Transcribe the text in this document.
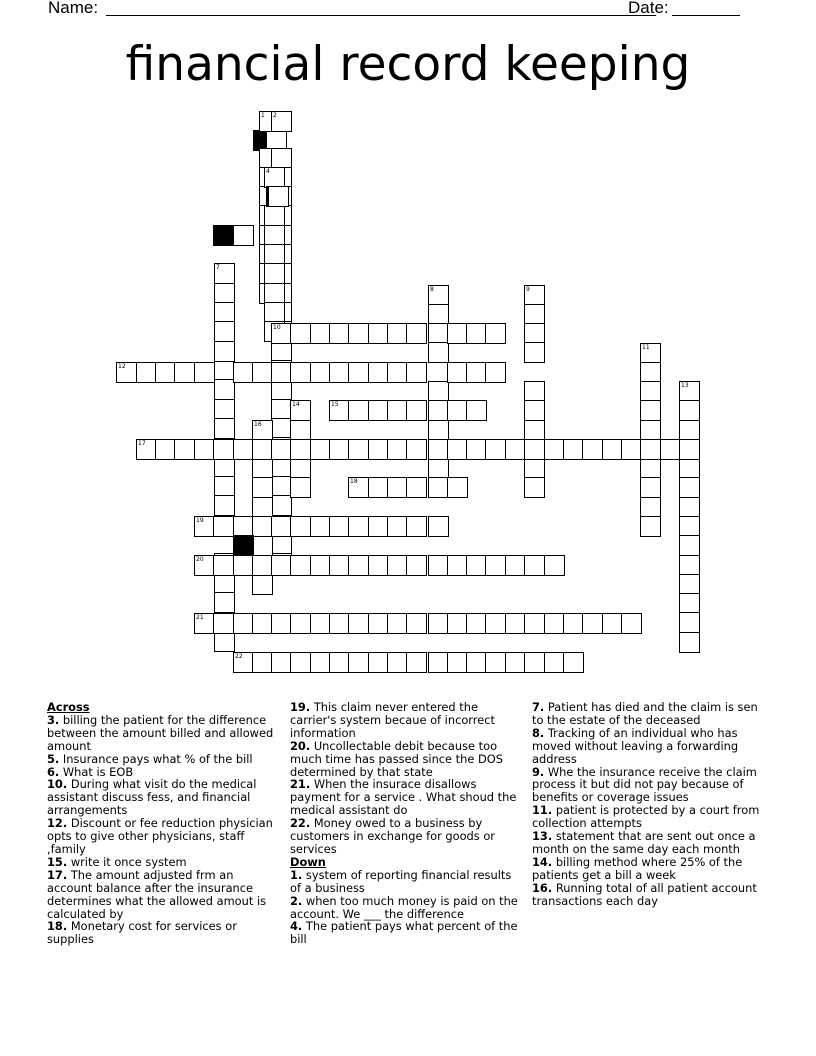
Name:	Date:
financial record keeping
1 2
4
7
8	9
10
11
12
13
14	15
16
17
18
19
20
21
22
Across
3. billing the patient for the difference between the amount billed and allowed amount
5. Insurance pays what % of the bill
6. What is EOB
10. During what visit do the medical assistant discuss fess, and financial arrangements
12. Discount or fee reduction physician opts to give other physicians, staff ,family
15. write it once system
17. The amount adjusted frm an account balance after the insurance determines what the allowed amout is calculated by
18. Monetary cost for services or supplies
19. This claim never entered the carrier's system becaue of incorrect information
20. Uncollectable debit because too much time has passed since the DOS determined by that state
21. When the insurace disallows payment for a service . What shoud the medical assistant do
22. Money owed to a business by customers in exchange for goods or services
Down
1. system of reporting financial results of a business
2. when too much money is paid on the account. We ___ the difference
4. The patient pays what percent of the bill
7. Patient has died and the claim is sen to the estate of the deceased
8. Tracking of an individual who has moved without leaving a forwarding address
9. Whe the insurance receive the claim process it but did not pay because of benefits or coverage issues
11. patient is protected by a court from collection attempts
13. statement that are sent out once a month on the same day each month
14. billing method where 25% of the patients get a bill a week
16. Running total of all patient account transactions each day
